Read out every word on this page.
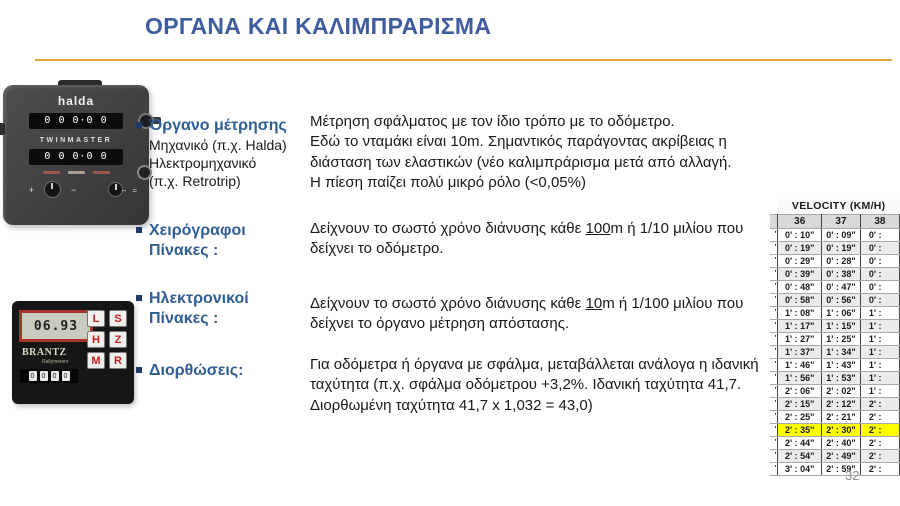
ΟΡΓΑΝΑ ΚΑΙ ΚΑΛΙΜΠΡΑΡΙΣΜΑ
halda
0 0 0·0 0
TWINMASTER
0 0 0·0 0
+	−	– =
06.93
BRANTZ
Rallymeters
0 0 0 0
L	S
H	Z
M	R
Όργανο μέτρησης
Μηχανικό (π.χ. Halda)
Ηλεκτρομηχανικό
(π.χ. Retrotrip)
Χειρόγραφοι
Πίνακες :
Ηλεκτρονικοί
Πίνακες :
Διορθώσεις:
Μέτρηση σφάλματος με τον ίδιο τρόπο με το οδόμετρο.
Εδώ το νταμάκι είναι 10m. Σημαντικός παράγοντας ακρίβειας η
διάσταση των ελαστικών (νέο καλιμπράρισμα μετά από αλλαγή.
Η πίεση παίζει πολύ μικρό ρόλο (<0,05%)
Δείχνουν το σωστό χρόνο διάνυσης κάθε 100m ή 1/10 μιλίου που
δείχνει το οδόμετρο.
Δείχνουν το σωστό χρόνο διάνυσης κάθε 10m ή 1/100 μιλίου που
δείχνει το όργανο μέτρηση απόστασης.
Για οδόμετρα ή όργανα με σφάλμα, μεταβάλλεται ανάλογα η ιδανική
ταχύτητα (π.χ. σφάλμα οδόμετρου +3,2%. Ιδανική ταχύτητα 41,7.
Διορθωμένη ταχύτητα 41,7 x 1,032 = 43,0)
	VELOCITY (KM/H)		
	36	37	38
'	0' : 10"	0' : 09"	0' :
'	0' : 19"	0' : 19"	0' :
'	0' : 29"	0' : 28"	0' :
'	0' : 39"	0' : 38"	0' :
'	0' : 48"	0' : 47"	0' :
'	0' : 58"	0' : 56"	0' :
'	1' : 08"	1' : 06"	1' :
'	1' : 17"	1' : 15"	1' :
'	1' : 27"	1' : 25"	1' :
'	1' : 37"	1' : 34"	1' :
'	1' : 46"	1' : 43"	1' :
'	1' : 56"	1' : 53"	1' :
'	2' : 06"	2' : 02"	1' :
'	2' : 15"	2' : 12"	2' :
'	2' : 25"	2' : 21"	2' :
'	2' : 35''	2' : 30"	2' :
'	2' : 44"	2' : 40"	2' :
'	2' : 54"	2' : 49"	2' :
'	3' : 04"	2' : 59"	2' :
32
